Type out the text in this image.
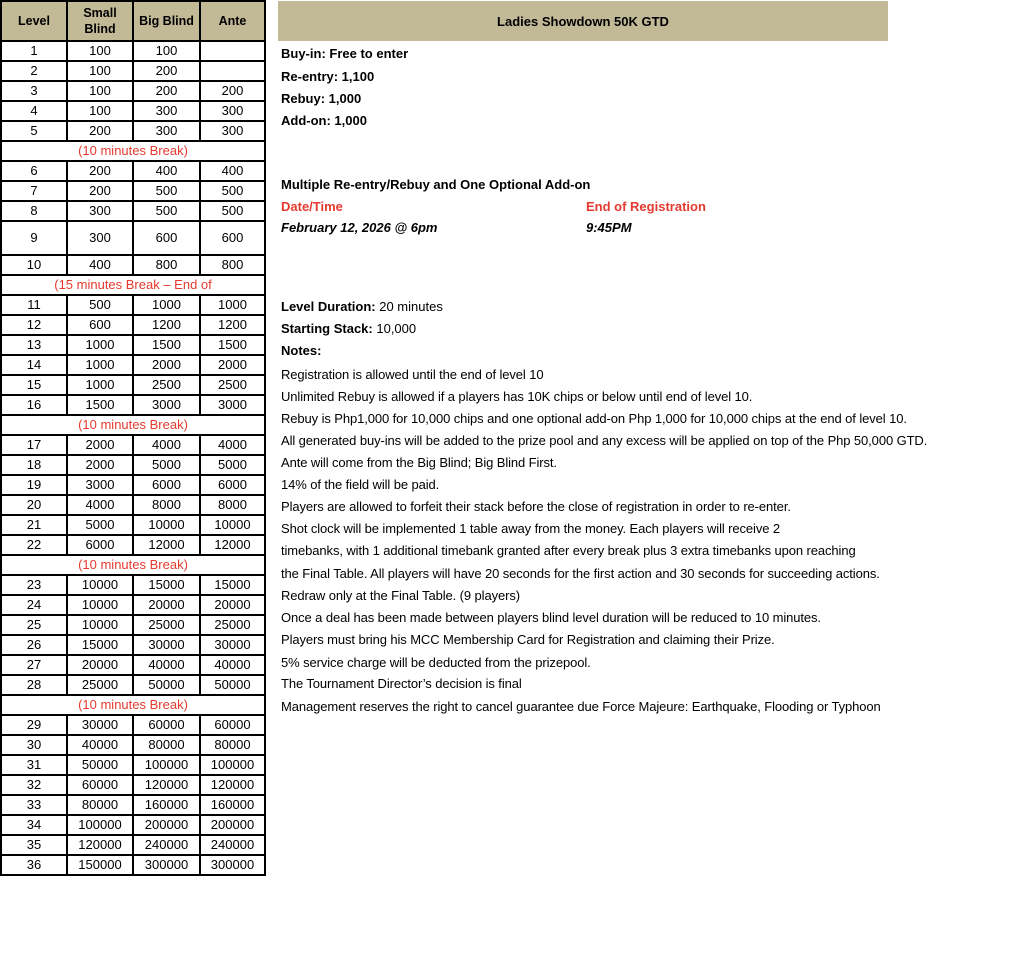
Level	Small Blind	Big Blind	Ante
1	100	100	
2	100	200	
3	100	200	200
4	100	300	300
5	200	300	300
(10 minutes Break)			
6	200	400	400
7	200	500	500
8	300	500	500
9	300	600	600
10	400	800	800
(15 minutes Break – End of			
11	500	1000	1000
12	600	1200	1200
13	1000	1500	1500
14	1000	2000	2000
15	1000	2500	2500
16	1500	3000	3000
(10 minutes Break)			
17	2000	4000	4000
18	2000	5000	5000
19	3000	6000	6000
20	4000	8000	8000
21	5000	10000	10000
22	6000	12000	12000
(10 minutes Break)			
23	10000	15000	15000
24	10000	20000	20000
25	10000	25000	25000
26	15000	30000	30000
27	20000	40000	40000
28	25000	50000	50000
(10 minutes Break)			
29	30000	60000	60000
30	40000	80000	80000
31	50000	100000	100000
32	60000	120000	120000
33	80000	160000	160000
34	100000	200000	200000
35	120000	240000	240000
36	150000	300000	300000
Ladies Showdown 50K GTD
Buy-in: Free to enter
Re-entry: 1,100
Rebuy: 1,000
Add-on: 1,000
Multiple Re-entry/Rebuy and One Optional Add-on
Date/Time	End of Registration
February 12, 2026 @ 6pm	9:45PM
Level Duration: 20 minutes
Starting Stack: 10,000
Notes:
Registration is allowed until the end of level 10
Unlimited Rebuy is allowed if a players has 10K chips or below until end of level 10.
Rebuy is Php1,000 for 10,000 chips and one optional add-on Php 1,000 for 10,000 chips at the end of level 10.
All generated buy-ins will be added to the prize pool and any excess will be applied on top of the Php 50,000 GTD.
Ante will come from the Big Blind; Big Blind First.
14% of the field will be paid.
Players are allowed to forfeit their stack before the close of registration in order to re-enter.
Shot clock will be implemented 1 table away from the money. Each players will receive 2
timebanks, with 1 additional timebank granted after every break plus 3 extra timebanks upon reaching
the Final Table. All players will have 20 seconds for the first action and 30 seconds for succeeding actions.
Redraw only at the Final Table. (9 players)
Once a deal has been made between players blind level duration will be reduced to 10 minutes.
Players must bring his MCC Membership Card for Registration and claiming their Prize.
5% service charge will be deducted from the prizepool.
The Tournament Director’s decision is final
Management reserves the right to cancel guarantee due Force Majeure: Earthquake, Flooding or Typhoon
